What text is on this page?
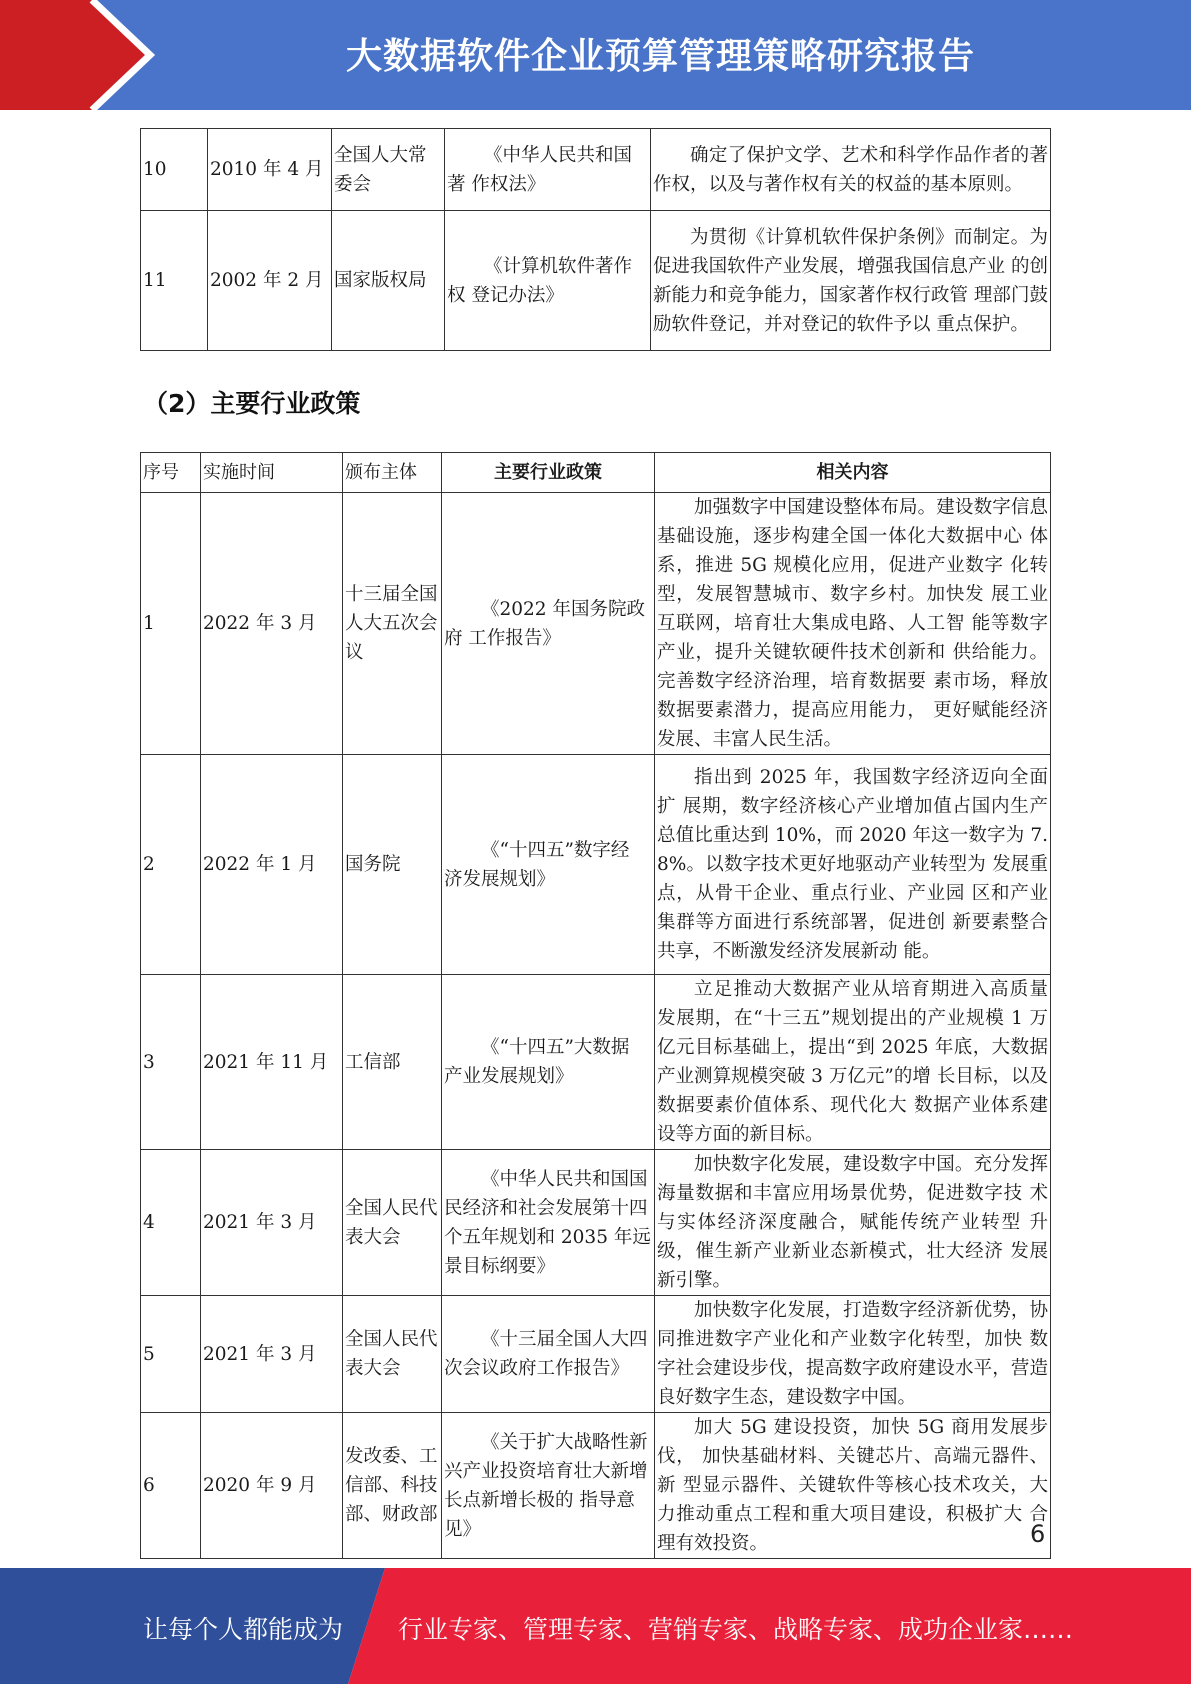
大数据软件企业预算管理策略研究报告
10	2010 年 4 月	全国人大常委会	《中华人民共和国著 作权法》	确定了保护文学、艺术和科学作品作者的著 作权，以及与著作权有关的权益的基本原则。
11	2002 年 2 月	国家版权局	《计算机软件著作权 登记办法》	为贯彻《计算机软件保护条例》而制定。为 促进我国软件产业发展，增强我国信息产业 的创新能力和竞争能力，国家著作权行政管 理部门鼓励软件登记，并对登记的软件予以 重点保护。
（2）主要行业政策
序号	实施时间	颁布主体	主要行业政策	相关内容
1	2022 年 3 月	十三届全国人大五次会议	《2022 年国务院政府 工作报告》	加强数字中国建设整体布局。建设数字信息 基础设施，逐步构建全国一体化大数据中心 体系，推进 5G 规模化应用，促进产业数字 化转型，发展智慧城市、数字乡村。加快发 展工业互联网，培育壮大集成电路、人工智 能等数字产业，提升关键软硬件技术创新和 供给能力。完善数字经济治理，培育数据要 素市场，释放数据要素潜力，提高应用能力， 更好赋能经济发展、丰富人民生活。
2	2022 年 1 月	国务院	《“十四五”数字经 济发展规划》	指出到 2025 年，我国数字经济迈向全面扩 展期，数字经济核心产业增加值占国内生产 总值比重达到 10%，而 2020 年这一数字为 7.8%。以数字技术更好地驱动产业转型为 发展重点，从骨干企业、重点行业、产业园 区和产业集群等方面进行系统部署，促进创 新要素整合共享，不断激发经济发展新动 能。
3	2021 年 11 月	工信部	《“十四五”大数据 产业发展规划》	立足推动大数据产业从培育期进入高质量 发展期，在“十三五”规划提出的产业规模 1 万亿元目标基础上，提出“到 2025 年底，大数据产业测算规模突破 3 万亿元”的增 长目标，以及数据要素价值体系、现代化大 数据产业体系建设等方面的新目标。
4	2021 年 3 月	全国人民代表大会	《中华人民共和国国 民经济和社会发展第十四个五年规划和 2035 年远景目标纲要》	加快数字化发展，建设数字中国。充分发挥 海量数据和丰富应用场景优势，促进数字技 术与实体经济深度融合，赋能传统产业转型 升级，催生新产业新业态新模式，壮大经济 发展新引擎。
5	2021 年 3 月	全国人民代表大会	《十三届全国人大四 次会议政府工作报告》	加快数字化发展，打造数字经济新优势，协 同推进数字产业化和产业数字化转型，加快 数字社会建设步伐，提高数字政府建设水平，营造良好数字生态，建设数字中国。
6	2020 年 9 月	发改委、工信部、科技部、财政部	《关于扩大战略性新 兴产业投资培育壮大新增长点新增长极的 指导意见》	加大 5G 建设投资，加快 5G 商用发展步伐， 加快基础材料、关键芯片、高端元器件、新 型显示器件、关键软件等核心技术攻关，大 力推动重点工程和重大项目建设，积极扩大 合理有效投资。	6
让每个人都能成为 行业专家、管理专家、营销专家、战略专家、成功企业家……
